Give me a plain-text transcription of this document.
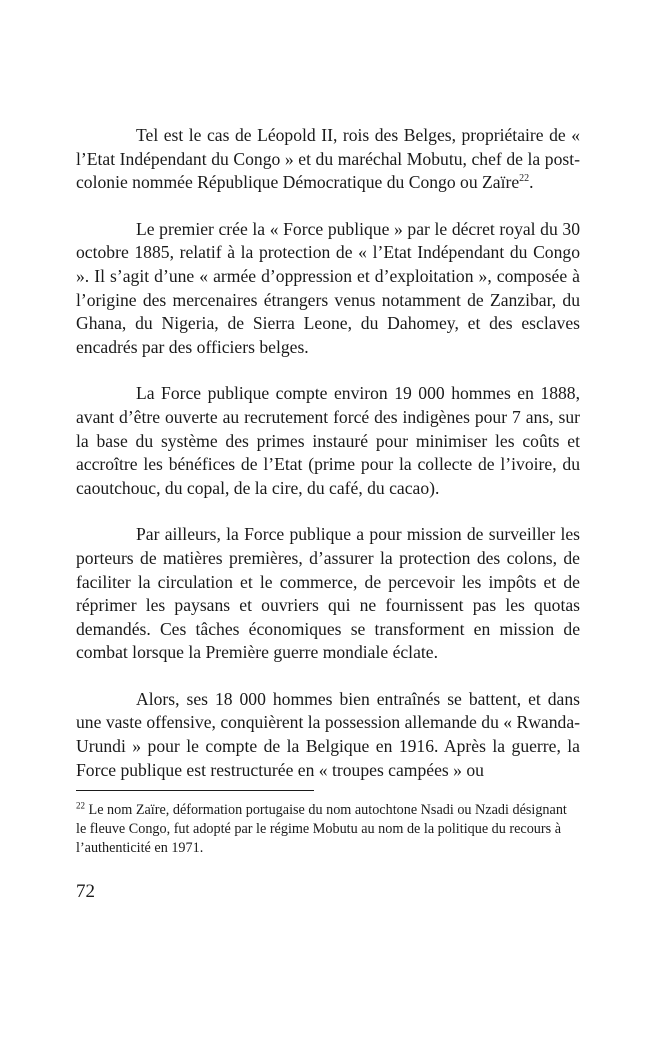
Tel est le cas de Léopold II, rois des Belges, propriétaire de « l’Etat Indépendant du Congo » et du maréchal Mobutu, chef de la post-colonie nommée République Démocratique du Congo ou Zaïre$^{22}$.

Le premier crée la « Force publique » par le décret royal du 30 octobre 1885, relatif à la protection de « l’Etat Indépendant du Congo ». Il s’agit d’une « armée d’oppression et d’exploitation », composée à l’origine des mercenaires étrangers venus notamment de Zanzibar, du Ghana, du Nigeria, de Sierra Leone, du Dahomey, et des esclaves encadrés par des officiers belges.

La Force publique compte environ 19 000 hommes en 1888, avant d’être ouverte au recrutement forcé des indigènes pour 7 ans, sur la base du système des primes instauré pour minimiser les coûts et accroître les bénéfices de l’Etat (prime pour la collecte de l’ivoire, du caoutchouc, du copal, de la cire, du café, du cacao).

Par ailleurs, la Force publique a pour mission de surveiller les porteurs de matières premières, d’assurer la protection des colons, de faciliter la circulation et le commerce, de percevoir les impôts et de réprimer les paysans et ouvriers qui ne fournissent pas les quotas demandés. Ces tâches économiques se transforment en mission de combat lorsque la Première guerre mondiale éclate.

Alors, ses 18 000 hommes bien entraînés se battent, et dans une vaste offensive, conquièrent la possession allemande du « Rwanda-Urundi » pour le compte de la Belgique en 1916. Après la guerre, la Force publique est restructurée en « troupes campées » ou

$^{22}$ Le nom Zaïre, déformation portugaise du nom autochtone Nsadi ou Nzadi désignant le fleuve Congo, fut adopté par le régime Mobutu au nom de la politique du recours à l’authenticité en 1971.

72
